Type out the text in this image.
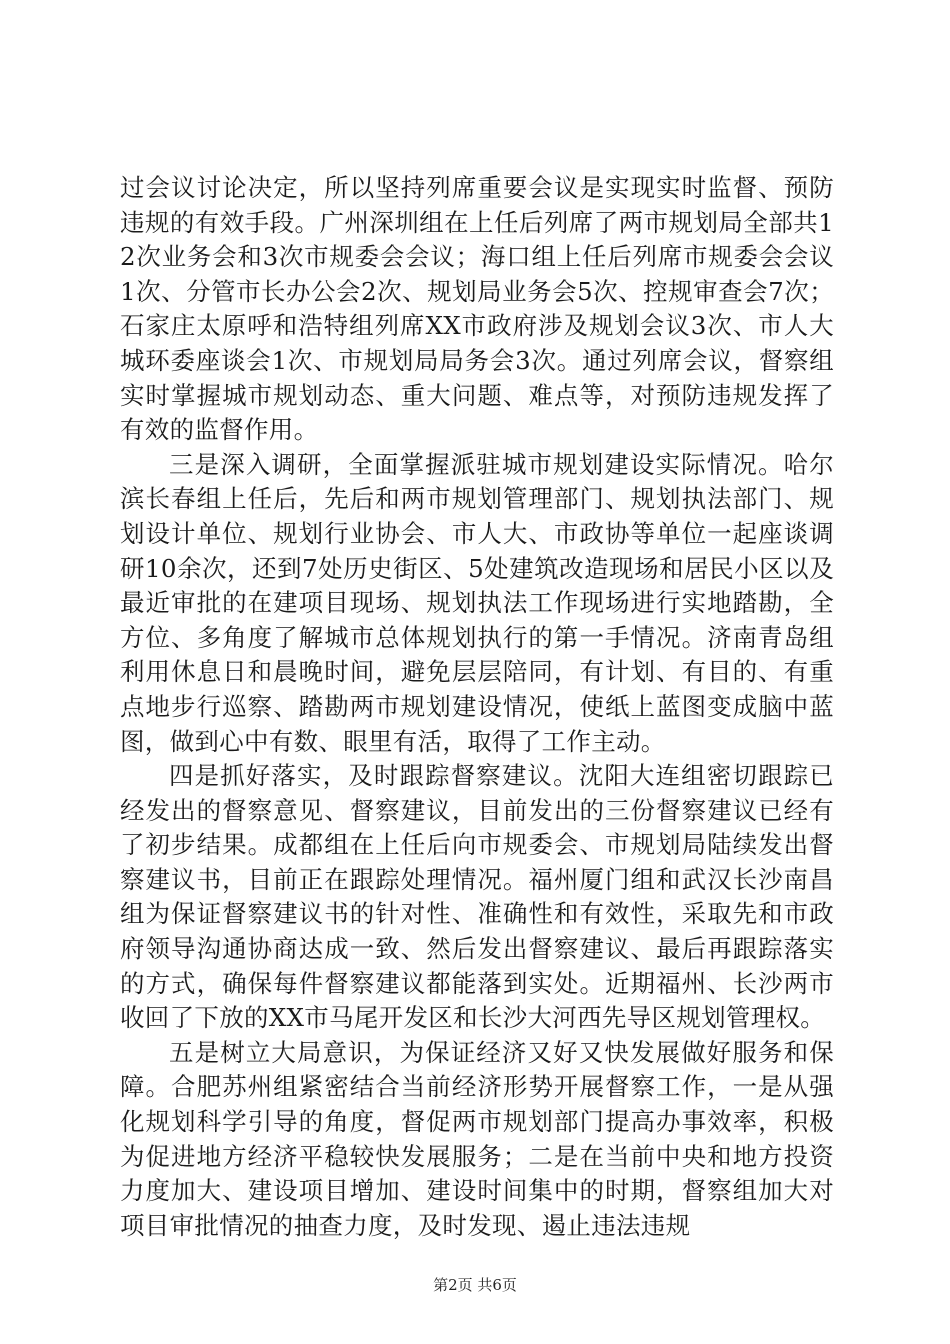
过会议讨论决定，所以坚持列席重要会议是实现实时监督、预防违规的有效手段。广州深圳组在上任后列席了两市规划局全部共12次业务会和3次市规委会会议；海口组上任后列席市规委会会议1次、分管市长办公会2次、规划局业务会5次、控规审查会7次；石家庄太原呼和浩特组列席XX市政府涉及规划会议3次、市人大城环委座谈会1次、市规划局局务会3次。通过列席会议，督察组实时掌握城市规划动态、重大问题、难点等，对预防违规发挥了有效的监督作用。

三是深入调研，全面掌握派驻城市规划建设实际情况。哈尔滨长春组上任后，先后和两市规划管理部门、规划执法部门、规划设计单位、规划行业协会、市人大、市政协等单位一起座谈调研10余次，还到7处历史街区、5处建筑改造现场和居民小区以及最近审批的在建项目现场、规划执法工作现场进行实地踏勘，全方位、多角度了解城市总体规划执行的第一手情况。济南青岛组利用休息日和晨晚时间，避免层层陪同，有计划、有目的、有重点地步行巡察、踏勘两市规划建设情况，使纸上蓝图变成脑中蓝图，做到心中有数、眼里有活，取得了工作主动。

四是抓好落实，及时跟踪督察建议。沈阳大连组密切跟踪已经发出的督察意见、督察建议，目前发出的三份督察建议已经有了初步结果。成都组在上任后向市规委会、市规划局陆续发出督察建议书，目前正在跟踪处理情况。福州厦门组和武汉长沙南昌组为保证督察建议书的针对性、准确性和有效性，采取先和市政府领导沟通协商达成一致、然后发出督察建议、最后再跟踪落实的方式，确保每件督察建议都能落到实处。近期福州、长沙两市收回了下放的XX市马尾开发区和长沙大河西先导区规划管理权。

五是树立大局意识，为保证经济又好又快发展做好服务和保障。合肥苏州组紧密结合当前经济形势开展督察工作，一是从强化规划科学引导的角度，督促两市规划部门提高办事效率，积极为促进地方经济平稳较快发展服务；二是在当前中央和地方投资力度加大、建设项目增加、建设时间集中的时期，督察组加大对项目审批情况的抽查力度，及时发现、遏止违法违规

第2页 共6页
